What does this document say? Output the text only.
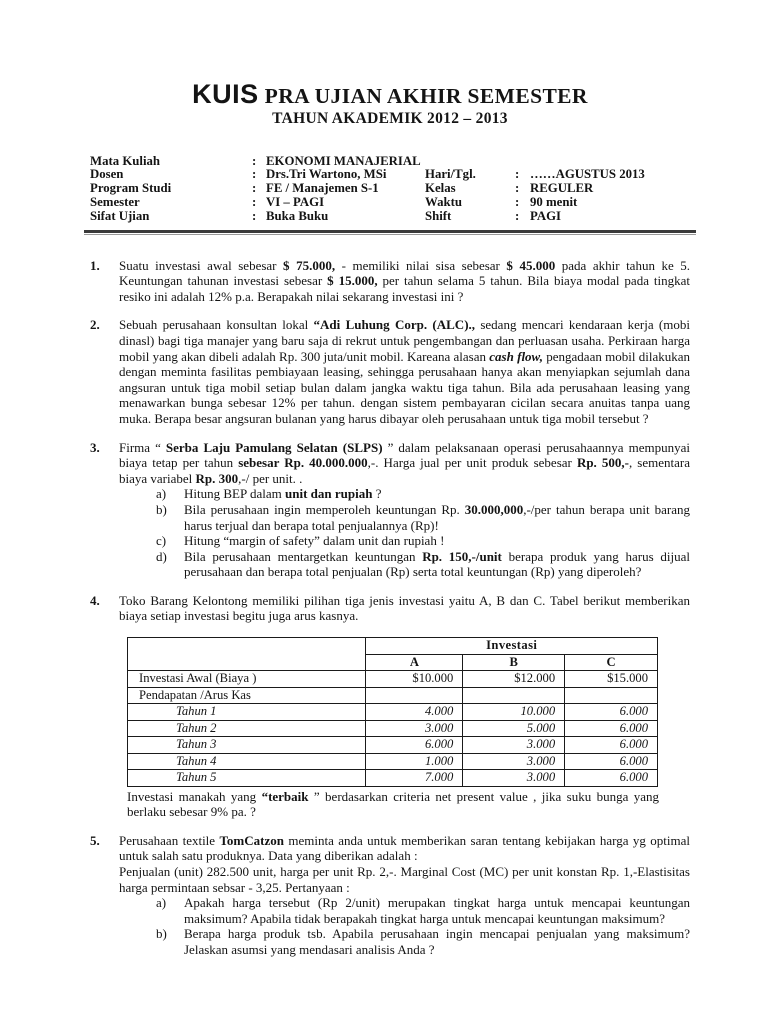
KUIS PRA UJIAN AKHIR SEMESTER
TAHUN AKADEMIK 2012 – 2013
Mata Kuliah	: EKONOMI MANAJERIAL
Dosen	: Drs.Tri Wartono, MSi	Hari/Tgl.	: ……AGUSTUS 2013
Program Studi	: FE / Manajemen S-1	Kelas	: REGULER
Semester	: VI – PAGI	Waktu	: 90 menit
Sifat Ujian	: Buka Buku	Shift	: PAGI
1.	Suatu investasi awal sebesar $ 75.000, - memiliki nilai sisa sebesar $ 45.000 pada akhir tahun ke 5. Keuntungan tahunan investasi sebesar $ 15.000, per tahun selama 5 tahun. Bila biaya modal pada tingkat resiko ini adalah 12% p.a. Berapakah nilai sekarang investasi ini ?
2.	Sebuah perusahaan konsultan lokal “Adi Luhung Corp. (ALC)., sedang mencari kendaraan kerja (mobi dinasl) bagi tiga manajer yang baru saja di rekrut untuk pengembangan dan perluasan usaha. Perkiraan harga mobil yang akan dibeli adalah Rp. 300 juta/unit mobil. Kareana alasan cash flow, pengadaan mobil dilakukan dengan meminta fasilitas pembiayaan leasing, sehingga perusahaan hanya akan menyiapkan sejumlah dana angsuran untuk tiga mobil setiap bulan dalam jangka waktu tiga tahun. Bila ada perusahaan leasing yang menawarkan bunga sebesar 12% per tahun. dengan sistem pembayaran cicilan secara anuitas tanpa uang muka. Berapa besar angsuran bulanan yang harus dibayar oleh perusahaan untuk tiga mobil tersebut ?
3.	Firma “ Serba Laju Pamulang Selatan (SLPS) ” dalam pelaksanaan operasi perusahaannya mempunyai biaya tetap per tahun sebesar Rp. 40.000.000,-. Harga jual per unit produk sebesar Rp. 500,-, sementara biaya variabel Rp. 300,-/ per unit. .
a)	Hitung BEP dalam unit dan rupiah ?
b)	Bila perusahaan ingin memperoleh keuntungan Rp. 30.000,000,-/per tahun berapa unit barang harus terjual dan berapa total penjualannya (Rp)!
c)	Hitung “margin of safety” dalam unit dan rupiah !
d)	Bila perusahaan mentargetkan keuntungan Rp. 150,-/unit berapa produk yang harus dijual perusahaan dan berapa total penjualan (Rp) serta total keuntungan (Rp) yang diperoleh?
4.	Toko Barang Kelontong memiliki pilihan tiga jenis investasi yaitu A, B dan C. Tabel berikut memberikan biaya setiap investasi begitu juga arus kasnya.
	Investasi		
	A	B	C
Investasi Awal (Biaya )	$10.000	$12.000	$15.000
Pendapatan /Arus Kas			
Tahun 1	4.000	10.000	6.000
Tahun 2	3.000	5.000	6.000
Tahun 3	6.000	3.000	6.000
Tahun 4	1.000	3.000	6.000
Tahun 5	7.000	3.000	6.000
Investasi manakah yang “terbaik ” berdasarkan criteria net present value , jika suku bunga yang berlaku sebesar 9% pa. ?
5.	Perusahaan textile TomCatzon meminta anda untuk memberikan saran tentang kebijakan harga yg optimal untuk salah satu produknya. Data yang diberikan adalah :
Penjualan (unit) 282.500 unit, harga per unit Rp. 2,-. Marginal Cost (MC) per unit konstan Rp. 1,-Elastisitas harga permintaan sebsar - 3,25. Pertanyaan :
a)	Apakah harga tersebut (Rp 2/unit) merupakan tingkat harga untuk mencapai keuntungan maksimum? Apabila tidak berapakah tingkat harga untuk mencapai keuntungan maksimum?
b)	Berapa harga produk tsb. Apabila perusahaan ingin mencapai penjualan yang maksimum? Jelaskan asumsi yang mendasari analisis Anda ?
